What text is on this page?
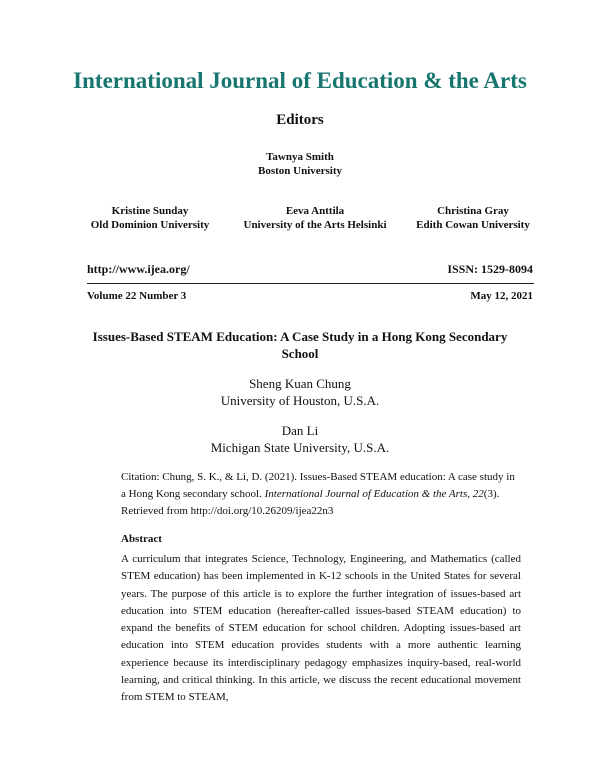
International Journal of Education & the Arts
Editors
Tawnya Smith
Boston University
Kristine Sunday
Old Dominion University
Eeva Anttila
University of the Arts Helsinki
Christina Gray
Edith Cowan University
http://www.ijea.org/	ISSN: 1529-8094
Volume 22 Number 3	May 12, 2021
Issues-Based STEAM Education: A Case Study in a Hong Kong Secondary School
Sheng Kuan Chung
University of Houston, U.S.A.
Dan Li
Michigan State University, U.S.A.
Citation: Chung, S. K., & Li, D. (2021). Issues-Based STEAM education: A case study in a Hong Kong secondary school. International Journal of Education & the Arts, 22(3). Retrieved from http://doi.org/10.26209/ijea22n3
Abstract
A curriculum that integrates Science, Technology, Engineering, and Mathematics (called STEM education) has been implemented in K-12 schools in the United States for several years. The purpose of this article is to explore the further integration of issues-based art education into STEM education (hereafter-called issues-based STEAM education) to expand the benefits of STEM education for school children. Adopting issues-based art education into STEM education provides students with a more authentic learning experience because its interdisciplinary pedagogy emphasizes inquiry-based, real-world learning, and critical thinking. In this article, we discuss the recent educational movement from STEM to STEAM,
